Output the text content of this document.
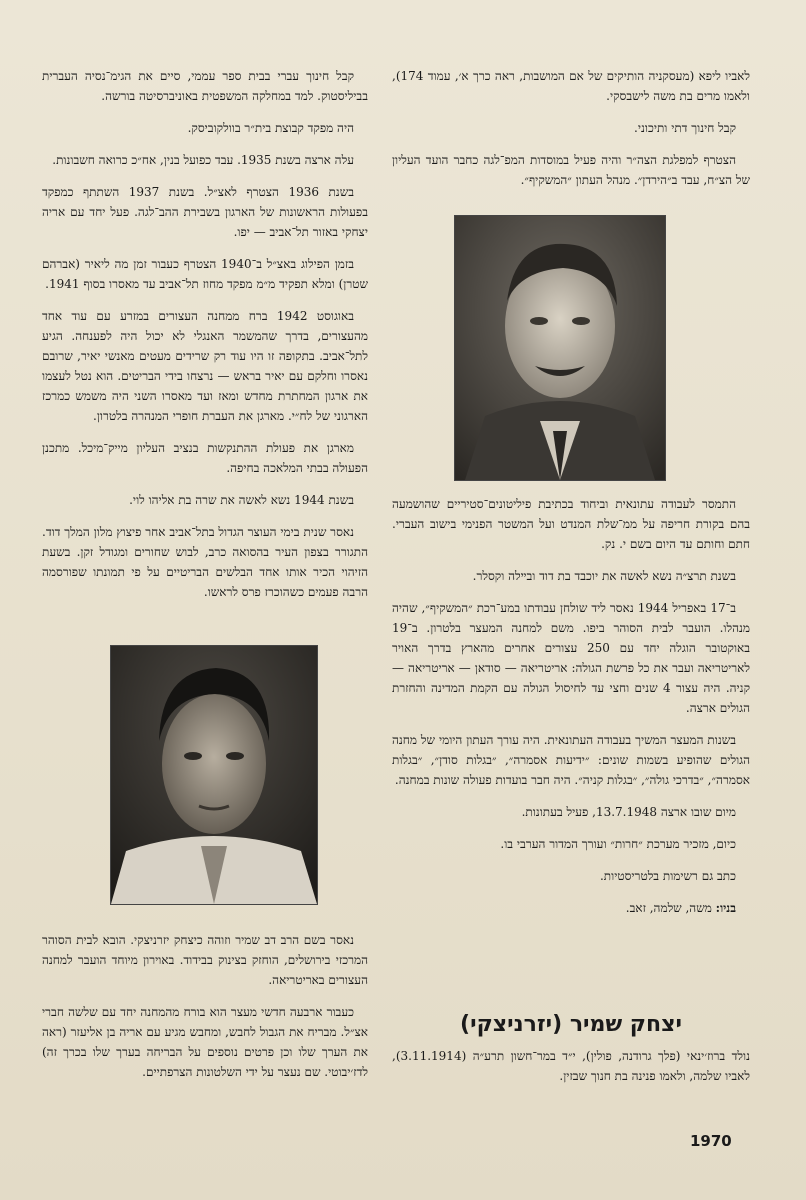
לאביו ליפא (מעסקניה הותיקים של אם המושבות, ראה כרך א׳, עמוד 174), ולאמו מרים בת משה לישבסקי.

קבל חינוך דתי ותיכוני.

הצטרף למפלגת הצה״ר והיה פעיל במוסדות המפ־לגה כחבר הועד העליון של הצ״ח, עבד ב״הירדן״. מנהל העתון ״המשקיף״.

התמסר לעבודה עתונאית וביחוד בכתיבת פיליטונים־סטיריים שהושמעה בהם בקורת חריפה על ממ־שלת המנדט ועל המשטר הפנימי בישוב העברי. חתם וחותם עד היום בשם י. נק.

בשנת תרצ״ה נשא לאשה את יוכבד בת דוד ובײלה וקסלר.

ב־17 באפריל 1944 נאסר ליד שולחן עבודתו במע־רכת ״המשקיף״, שהיה מנהלו. הועבר לבית הסוהר ביפו. משם למחנה המעצר בלטרון. ב־19 באוקטובר הוגלה יחד עם 250 עצורים אחרים מהארץ בדרך האויר לאריטריאה ועבר את כל פרשת הגולה: אריטריאה — סודאן — אריטריאה — קניה. היה עצור 4 שנים וחצי עד לחיסול הגולה עם הקמת המדינה והחזרת הגולים ארצה.

בשנות המעצר המשיך בעבודה העתונאית. היה עורך העתון היומי של מחנה הגולים שהופיע בשמות שונים: ״ידיעות אסמרה״, ״בגלות סודן״, ״בגלות אסמרה״, ״בדרכי גולה״, ״בגלות קניה״. היה חבר בועדות פעולה שונות במחנה.

מיום שובו ארצה 13.7.1948, פעיל בעתונות.

כיום, מזכיר מערכת ״חרות״ ועורך המדור הערבי בו.

כתב גם רשימות בלטריסטיות.

בניו: משה, שלמה, זאב.

יצחק שמיר (יזרניצקי)

נולד ברוז׳ינאי (פלך גרודנה, פולין), י״ד במר־חשון תרע״ה (3.11.1914), לאביו שלמה, ולאמו פנינה בת חנוך שבזין.

קבל חינוך עברי בבית ספר עממי, סיים את הגימ־נסיה העברית בביליסטוק. למד במחלקה המשפטית באוניברסיטה בורשה.

היה מפקד קבוצת בית״ר בוולקוביסק.

עלה ארצה בשנת 1935. עבד כפועל בנין, אח״כ כרואה חשבונות.

בשנת 1936 הצטרף לאצ״ל. בשנת 1937 השתתף כמפקד בפעולות הראשונות של הארגון בשבירת ההב־לגה. פעל יחד עם אריה יצחקי באזור תל־אביב — יפו.

בזמן הפילוג באצ״ל ב־1940 הצטרף כעבור זמן מה ליאיר (אברהם שטרן) ומלא תפקיד מ״מ מפקד מחוז תל־אביב עד מאסרו בסוף 1941.

באוגוסט 1942 ברח ממחנה העצורים במזרע עם עוד אחד מהעצורים, בדרך שהמשמר האנגלי לא יכול היה לפענחה. הגיע לתל־אביב. בתקופה זו היו עוד רק שרידים מעטים מאנשי יאיר, שרובם נאסרו וחלקם עם יאיר בראש — נרצחו בידי הבריטים. הוא נטל לעצמו את ארגון המחתרת מחדש ומאז ועד מאסרו השני היה משמש כמרכז הארגוני של לח״י. מארגן את העברת חופרי המנהרה בלטרון.

מארגן את פעולת ההתנקשות בנציב העליון מייק־מיכל. מתכנן הפעולה בבתי המלאכה בחיפה.

בשנת 1944 נשא לאשה את שרה בת אליהו לוי.

נאסר שנית בימי העוצר הגדול בתל־אביב אחר פיצוץ מלון המלך דוד. התגורר בצפון העיר בהסואה כרב, לבוש שחורים ומגודל זקן. בשעת הזיהוי הכיר אותו אחד הבלשים הבריטיים על פי תמונתו שפורסמה הרבה פעמים כשהוכרז פרס לראשו.

נאסר בשם הרב דב שמיר וזוהה כיצחק יזרניצקי. הובא לבית הסוהר המרכזי בירושלים, הוחזק בצינוק בבידוד. באוירון מיוחד הועבר למחנה העצורים באריטריאה.

כעבור ארבעה חדשי מעצר הוא בורח מהמחנה יחד עם שלשה חברי אצ״ל. מבריח את הגבול לחבש, ומחבש מגיע עם אריה בן אליעזר (ראה את הערך שלו וכן פרטים נוספים על הבריחה בערך שלו בכרך זה) לדז׳יבוטי. שם נעצר על ידי השלטונות הצרפתיים.

1970
